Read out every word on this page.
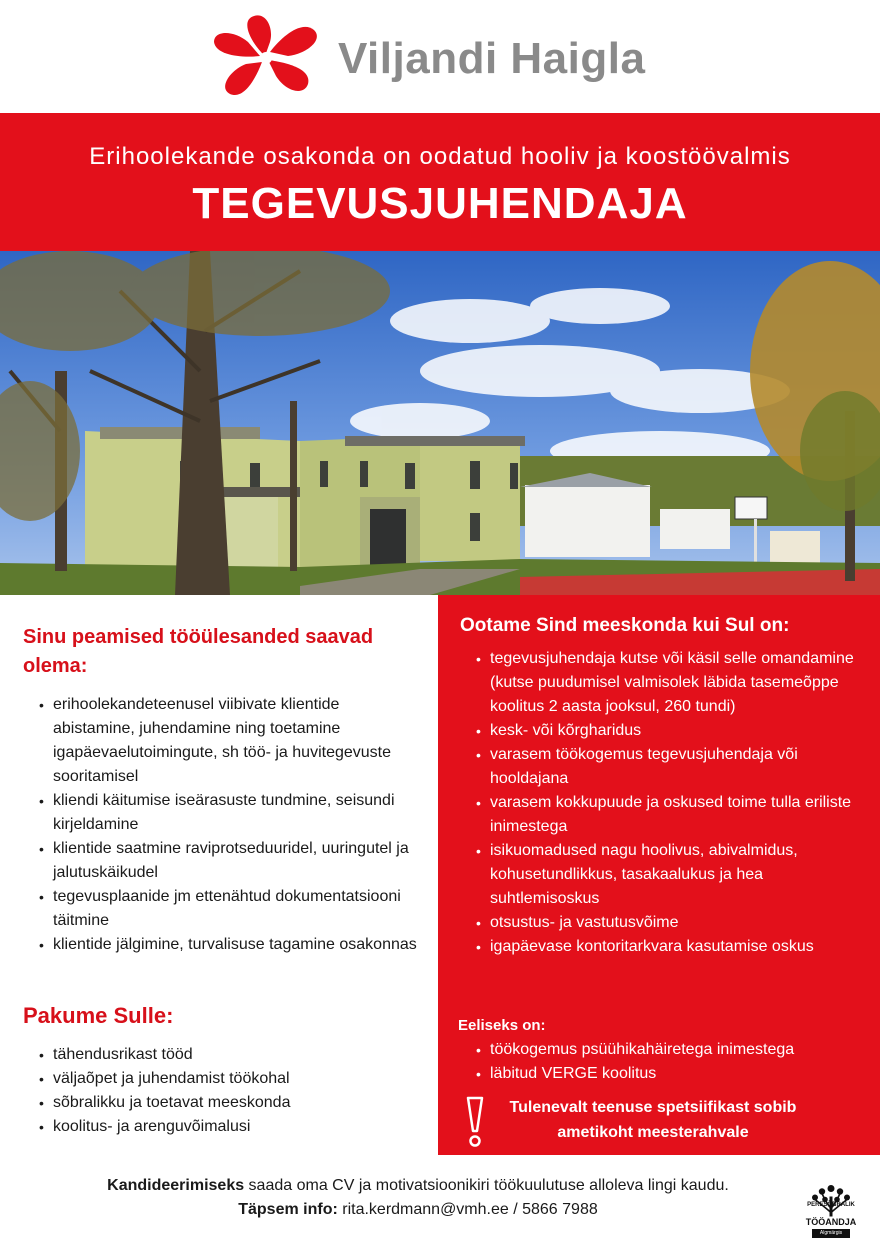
Viljandi Haigla
Erihoolekande osakonda on oodatud hooliv ja koostöövalmis
TEGEVUSJUHENDAJA
Sinu peamised tööülesanded saavad olema:
• erihoolekandeteenusel viibivate klientide abistamine, juhendamine ning toetamine igapäevaelutoimingute, sh töö- ja huvitegevuste sooritamisel
• kliendi käitumise iseärasuste tundmine, seisundi kirjeldamine
• klientide saatmine raviprotseduuridel, uuringutel ja jalutuskäikudel
• tegevusplaanide jm ettenähtud dokumentatsiooni täitmine
• klientide jälgimine, turvalisuse tagamine osakonnas
Pakume Sulle:
• tähendusrikast tööd
• väljaõpet ja juhendamist töökohal
• sõbralikku ja toetavat meeskonda
• koolitus- ja arenguvõimalusi
Ootame Sind meeskonda kui Sul on:
• tegevusjuhendaja kutse või käsil selle omandamine (kutse puudumisel valmisolek läbida tasemeõppe koolitus 2 aasta jooksul, 260 tundi)
• kesk- või kõrgharidus
• varasem töökogemus tegevusjuhendaja või hooldajana
• varasem kokkupuude ja oskused toime tulla eriliste inimestega
• isikuomadused nagu hoolivus, abivalmidus, kohusetundlikkus, tasakaalukus ja hea suhtlemisoskus
• otsustus- ja vastutusvõime
• igapäevase kontoritarkvara kasutamise oskus
Eeliseks on:
• töökogemus psüühikahäiretega inimestega
• läbitud VERGE koolitus
Tulenevalt teenuse spetsiifikast sobib ametikoht meesterahvale
Kandideerimiseks saada oma CV ja motivatsioonikiri töökuulutuse alloleva lingi kaudu.
Täpsem info: rita.kerdmann@vmh.ee / 5866 7988	PERESÕBRALIK
TÖÖANDJA
Algmärgis
